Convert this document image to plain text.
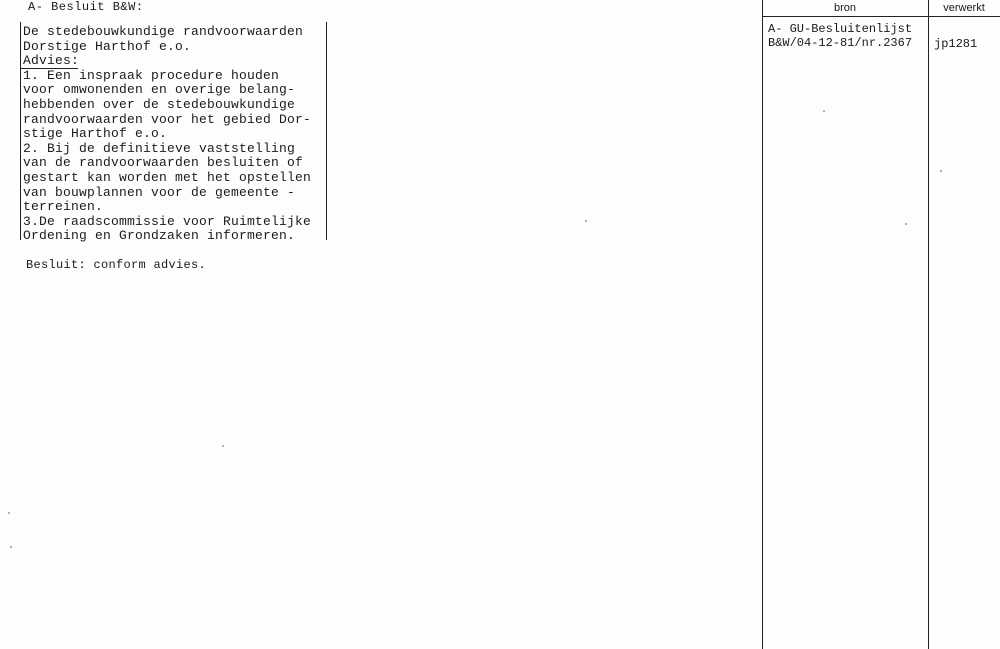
A- Besluit B&W:
De stedebouwkundige randvoorwaarden
Dorstige Harthof e.o.
Advies:
1. Een inspraak procedure houden
voor omwonenden en overige belang-
hebbenden over de stedebouwkundige
randvoorwaarden voor het gebied Dor-
stige Harthof e.o.
2. Bij de definitieve vaststelling
van de randvoorwaarden besluiten of
gestart kan worden met het opstellen
van bouwplannen voor de gemeente -
terreinen.
3.De raadscommissie voor Ruimtelijke
Ordening en Grondzaken informeren.
Besluit: conform advies.
bron	verwerkt
A- GU-Besluitenlijst
B&W/04-12-81/nr.2367 jp1281
